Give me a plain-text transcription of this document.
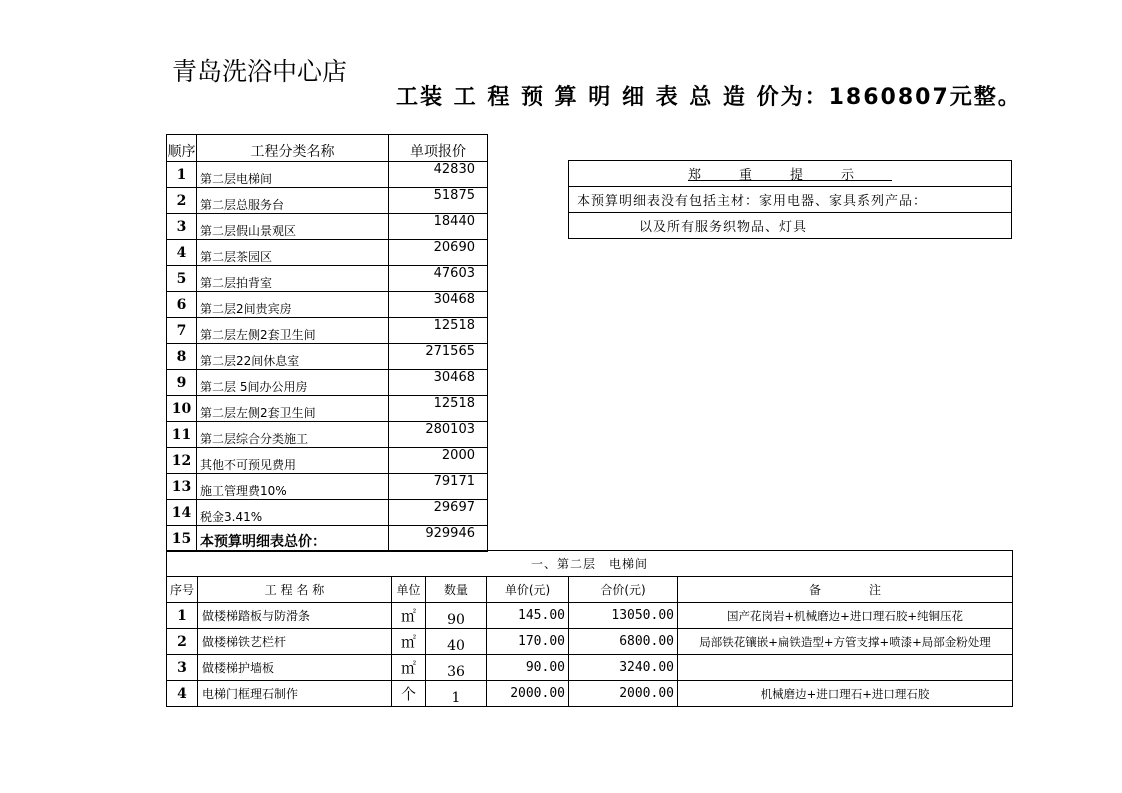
青岛洗浴中心店
工装 工 程 预 算 明 细 表 总 造 价为：1860807元整。
顺序	工程分类名称	单项报价
1	第二层电梯间	42830
2	第二层总服务台	51875
3	第二层假山景观区	18440
4	第二层茶园区	20690
5	第二层拍背室	47603
6	第二层2间贵宾房	30468
7	第二层左侧2套卫生间	12518
8	第二层22间休息室	271565
9	第二层 5间办公用房	30468
10	第二层左侧2套卫生间	12518
11	第二层综合分类施工	280103
12	其他不可预见费用	2000
13	施工管理费10%	79171
14	税金3.41%	29697
15	本预算明细表总价：	929946
郑重提示
本预算明细表没有包括主材：家用电器、家具系列产品：
以及所有服务织物品、灯具
一、第二层　电梯间						
序号	工 程 名 称	单位	数量	单价(元)	合价(元)	备　　　　注
1	做楼梯踏板与防滑条	㎡	90	145.00	13050.00	国产花岗岩+机械磨边+进口理石胶+纯铜压花
2	做楼梯铁艺栏杆	㎡	40	170.00	6800.00	局部铁花镶嵌+扁铁造型+方管支撑+喷漆+局部金粉处理
3	做楼梯护墙板	㎡	36	90.00	3240.00	
4	电梯门框理石制作	个	1	2000.00	2000.00	机械磨边+进口理石+进口理石胶
